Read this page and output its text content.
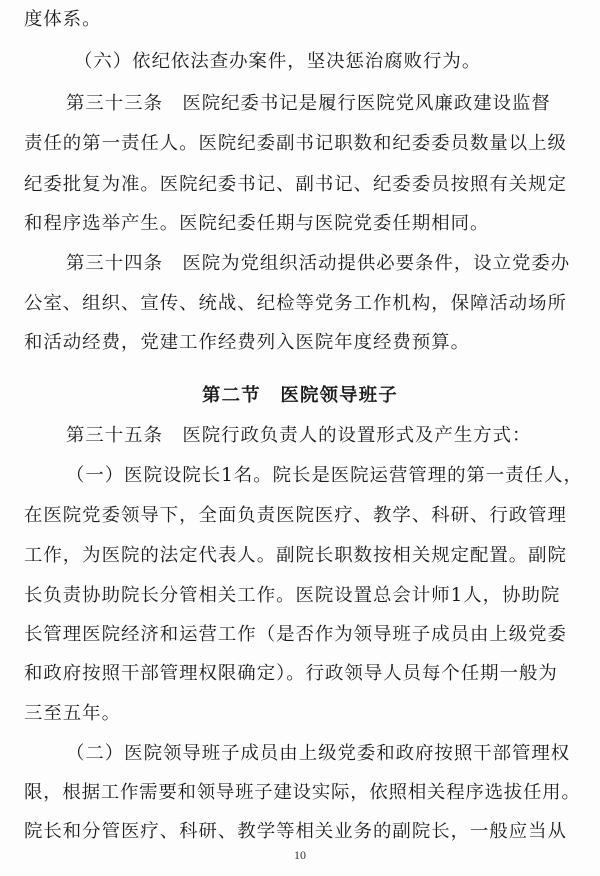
度体系。
（六）依纪依法查办案件，坚决惩治腐败行为。
第三十三条　医院纪委书记是履行医院党风廉政建设监督
责任的第一责任人。医院纪委副书记职数和纪委委员数量以上级
纪委批复为准。医院纪委书记、副书记、纪委委员按照有关规定
和程序选举产生。医院纪委任期与医院党委任期相同。
第三十四条　医院为党组织活动提供必要条件，设立党委办
公室、组织、宣传、统战、纪检等党务工作机构，保障活动场所
和活动经费，党建工作经费列入医院年度经费预算。
第二节　医院领导班子
第三十五条　医院行政负责人的设置形式及产生方式：
（一）医院设院长1名。院长是医院运营管理的第一责任人，
在医院党委领导下，全面负责医院医疗、教学、科研、行政管理
工作，为医院的法定代表人。副院长职数按相关规定配置。副院
长负责协助院长分管相关工作。医院设置总会计师1人，协助院
长管理医院经济和运营工作（是否作为领导班子成员由上级党委
和政府按照干部管理权限确定）。行政领导人员每个任期一般为
三至五年。
（二）医院领导班子成员由上级党委和政府按照干部管理权
限，根据工作需要和领导班子建设实际，依照相关程序选拔任用。
院长和分管医疗、科研、教学等相关业务的副院长，一般应当从
10
